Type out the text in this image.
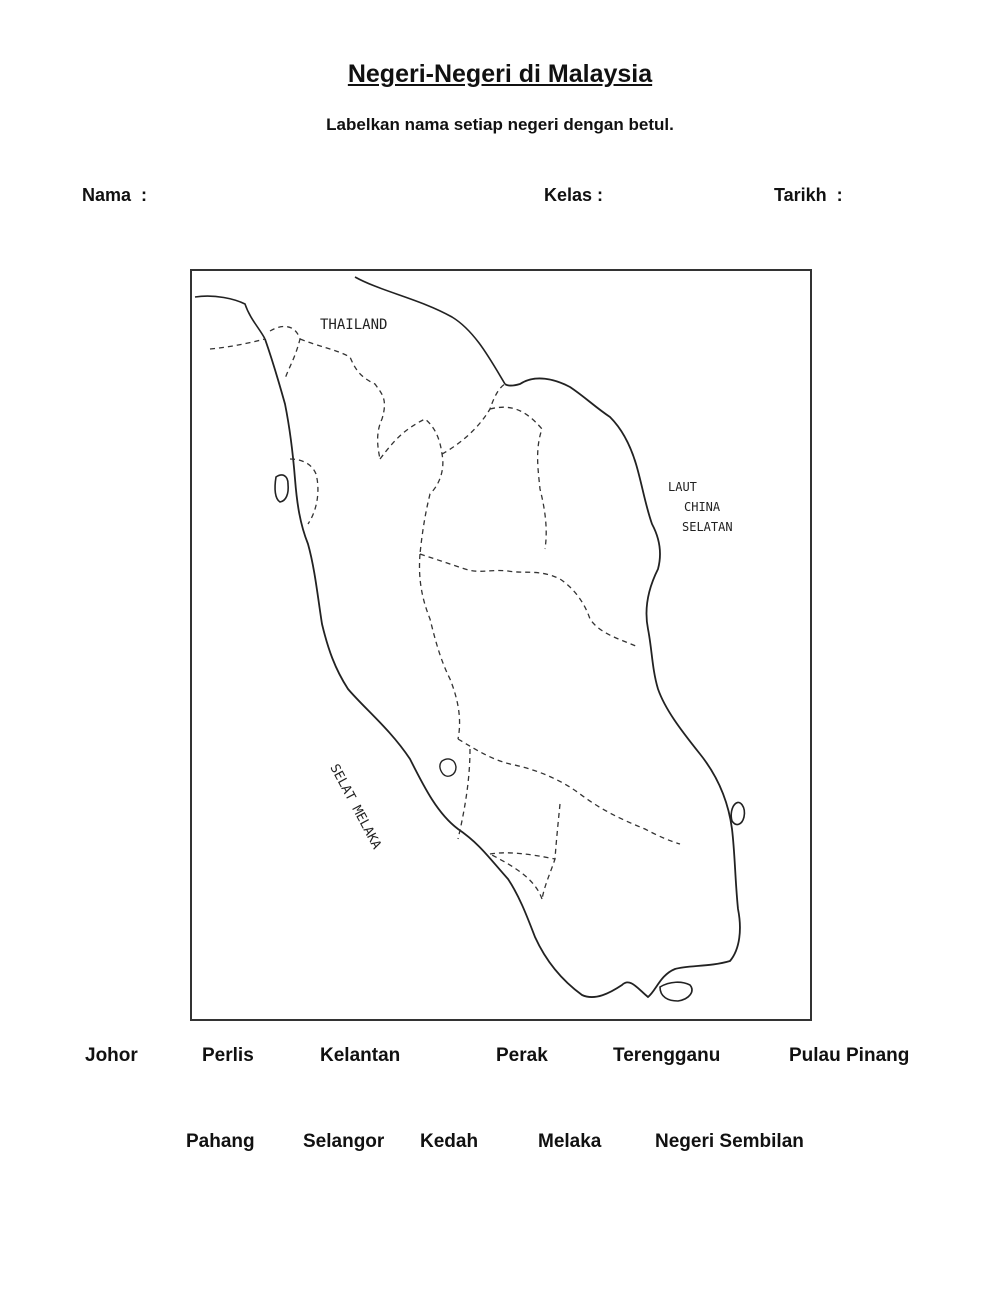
Negeri-Negeri di Malaysia
Labelkan nama setiap negeri dengan betul.
Nama  :	Kelas :	Tarikh  :
THAILAND
LAUT
CHINA
SELATAN
SELAT MELAKA
Johor	Perlis	Kelantan	Perak	Terengganu	Pulau Pinang
Pahang	Selangor Kedah	Melaka	Negeri Sembilan
